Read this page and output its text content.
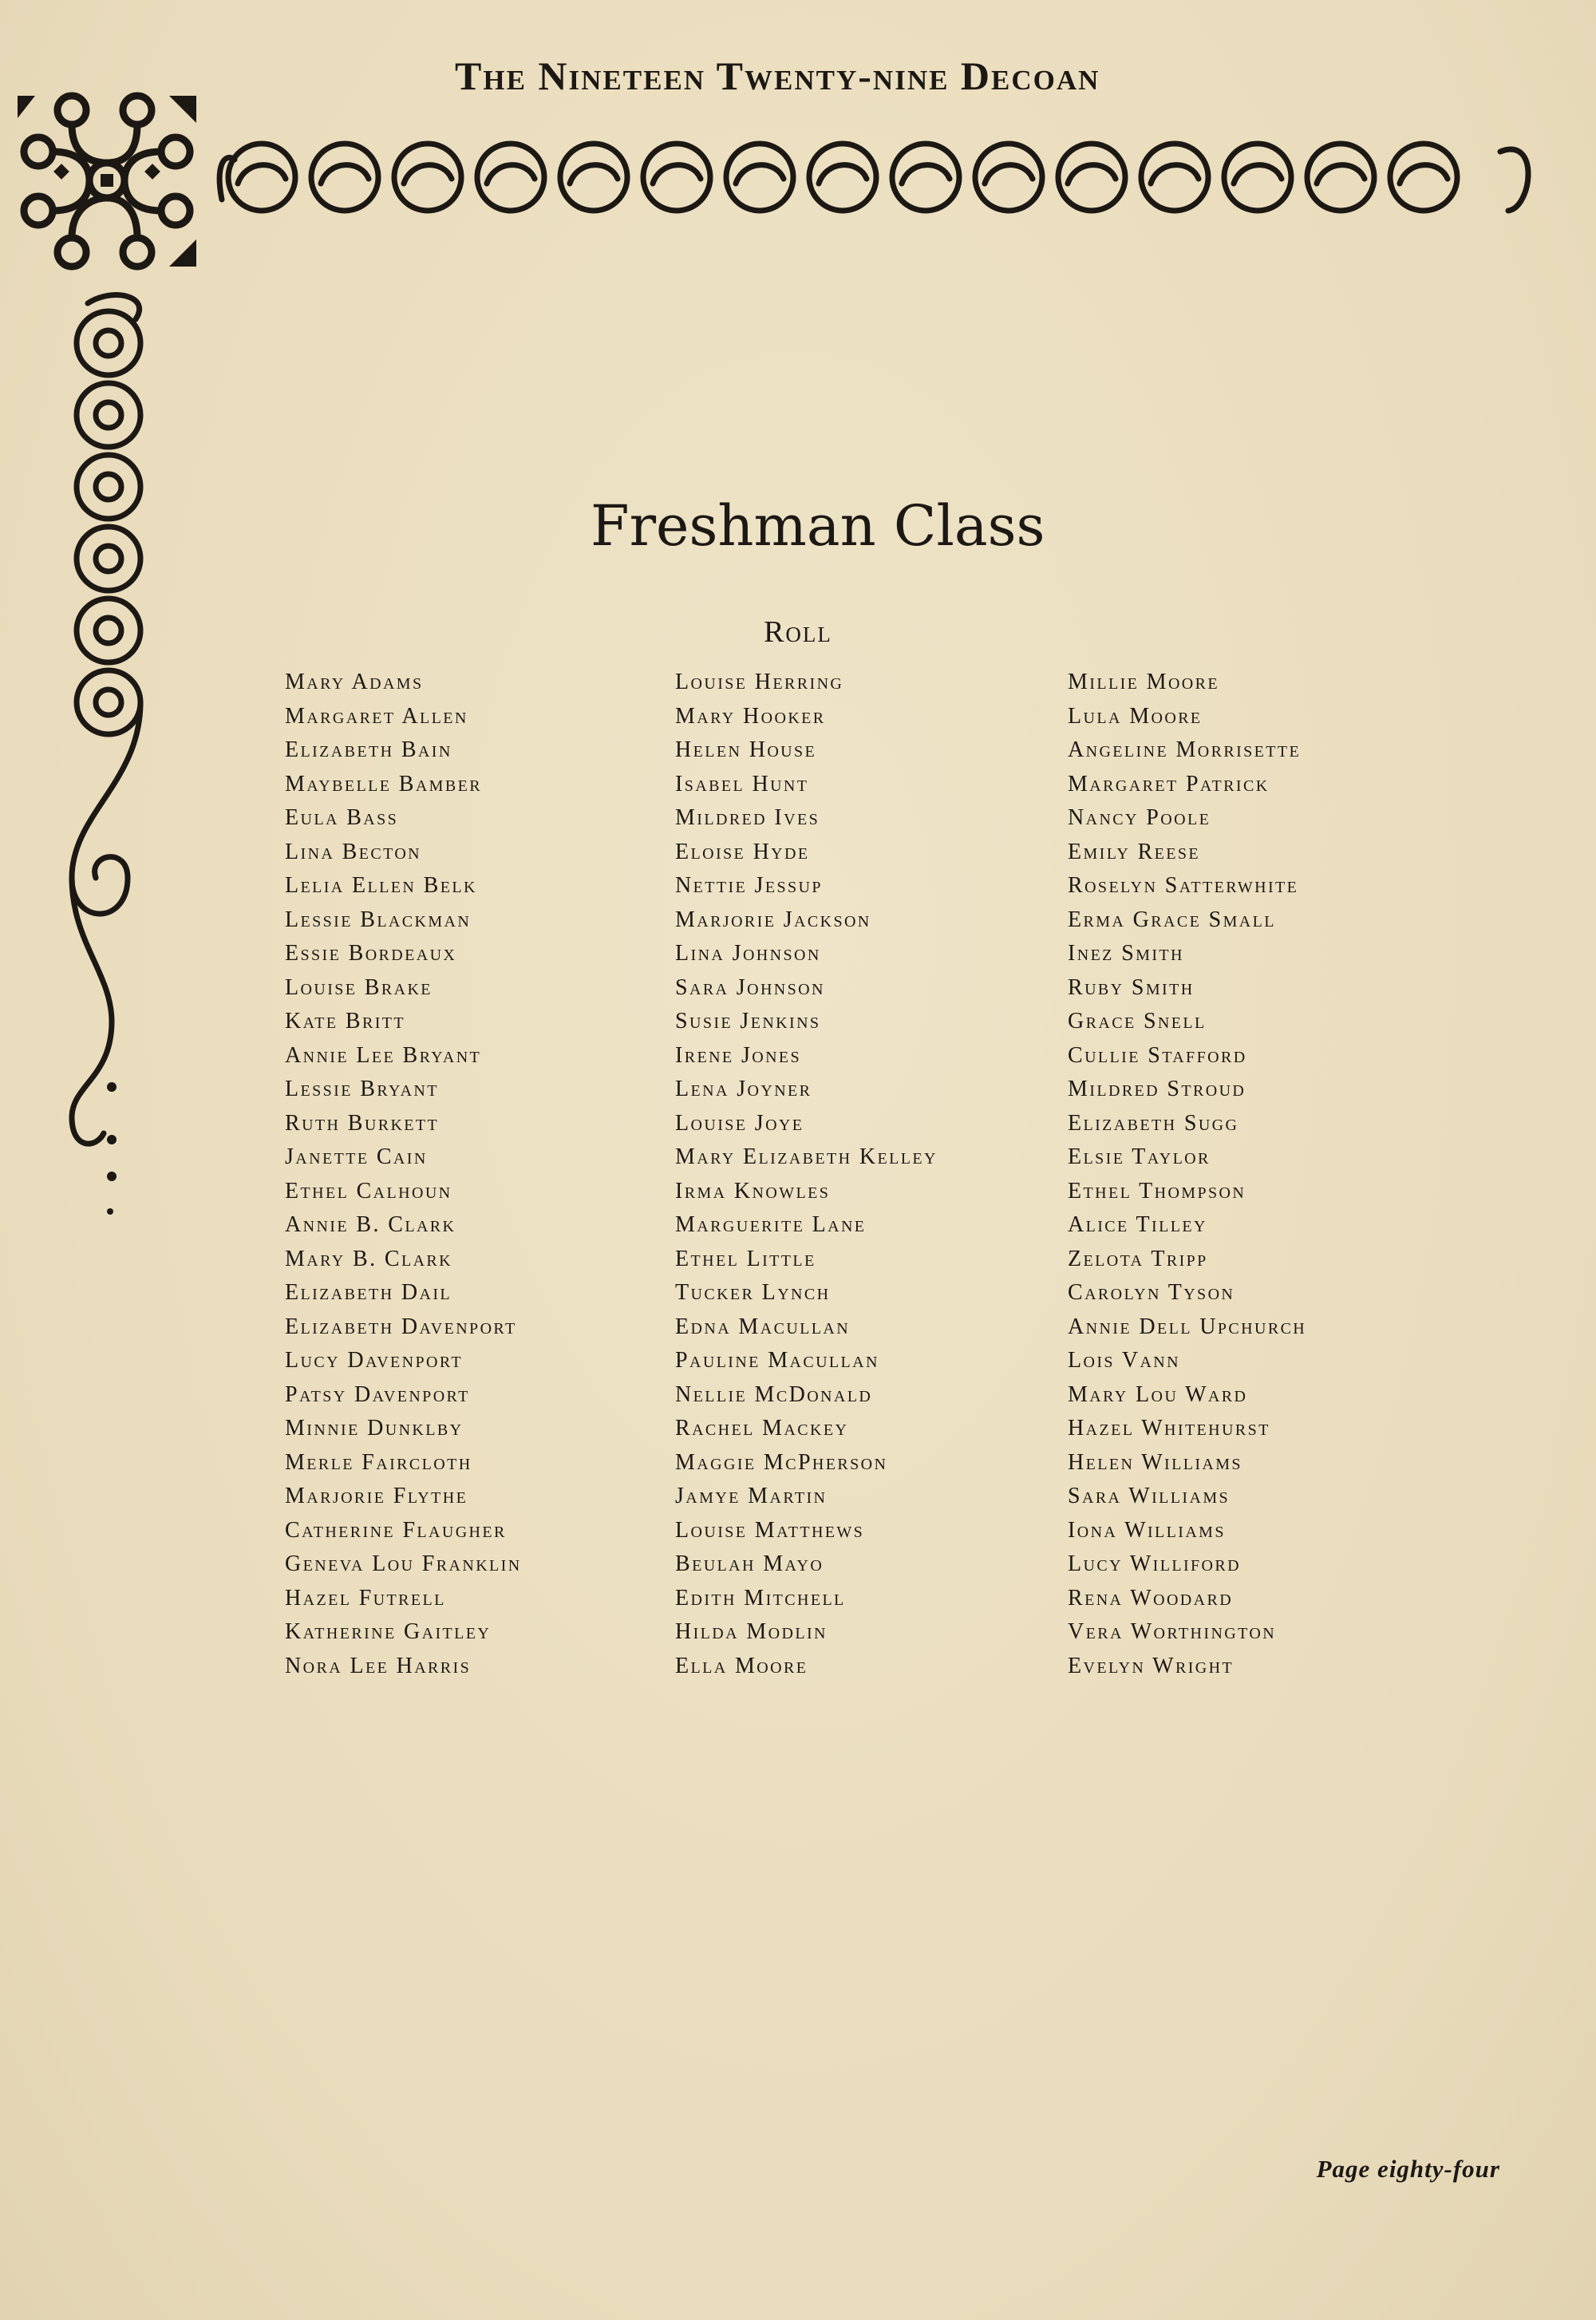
The Nineteen Twenty-nine Decoan
Freshman Class
Roll
Mary Adams
Margaret Allen
Elizabeth Bain
Maybelle Bamber
Eula Bass
Lina Becton
Lelia Ellen Belk
Lessie Blackman
Essie Bordeaux
Louise Brake
Kate Britt
Annie Lee Bryant
Lessie Bryant
Ruth Burkett
Janette Cain
Ethel Calhoun
Annie B. Clark
Mary B. Clark
Elizabeth Dail
Elizabeth Davenport
Lucy Davenport
Patsy Davenport
Minnie Dunklby
Merle Faircloth
Marjorie Flythe
Catherine Flaugher
Geneva Lou Franklin
Hazel Futrell
Katherine Gaitley
Nora Lee Harris
Louise Herring
Mary Hooker
Helen House
Isabel Hunt
Mildred Ives
Eloise Hyde
Nettie Jessup
Marjorie Jackson
Lina Johnson
Sara Johnson
Susie Jenkins
Irene Jones
Lena Joyner
Louise Joye
Mary Elizabeth Kelley
Irma Knowles
Marguerite Lane
Ethel Little
Tucker Lynch
Edna Macullan
Pauline Macullan
Nellie McDonald
Rachel Mackey
Maggie McPherson
Jamye Martin
Louise Matthews
Beulah Mayo
Edith Mitchell
Hilda Modlin
Ella Moore
Millie Moore
Lula Moore
Angeline Morrisette
Margaret Patrick
Nancy Poole
Emily Reese
Roselyn Satterwhite
Erma Grace Small
Inez Smith
Ruby Smith
Grace Snell
Cullie Stafford
Mildred Stroud
Elizabeth Sugg
Elsie Taylor
Ethel Thompson
Alice Tilley
Zelota Tripp
Carolyn Tyson
Annie Dell Upchurch
Lois Vann
Mary Lou Ward
Hazel Whitehurst
Helen Williams
Sara Williams
Iona Williams
Lucy Williford
Rena Woodard
Vera Worthington
Evelyn Wright
Page eighty-four
